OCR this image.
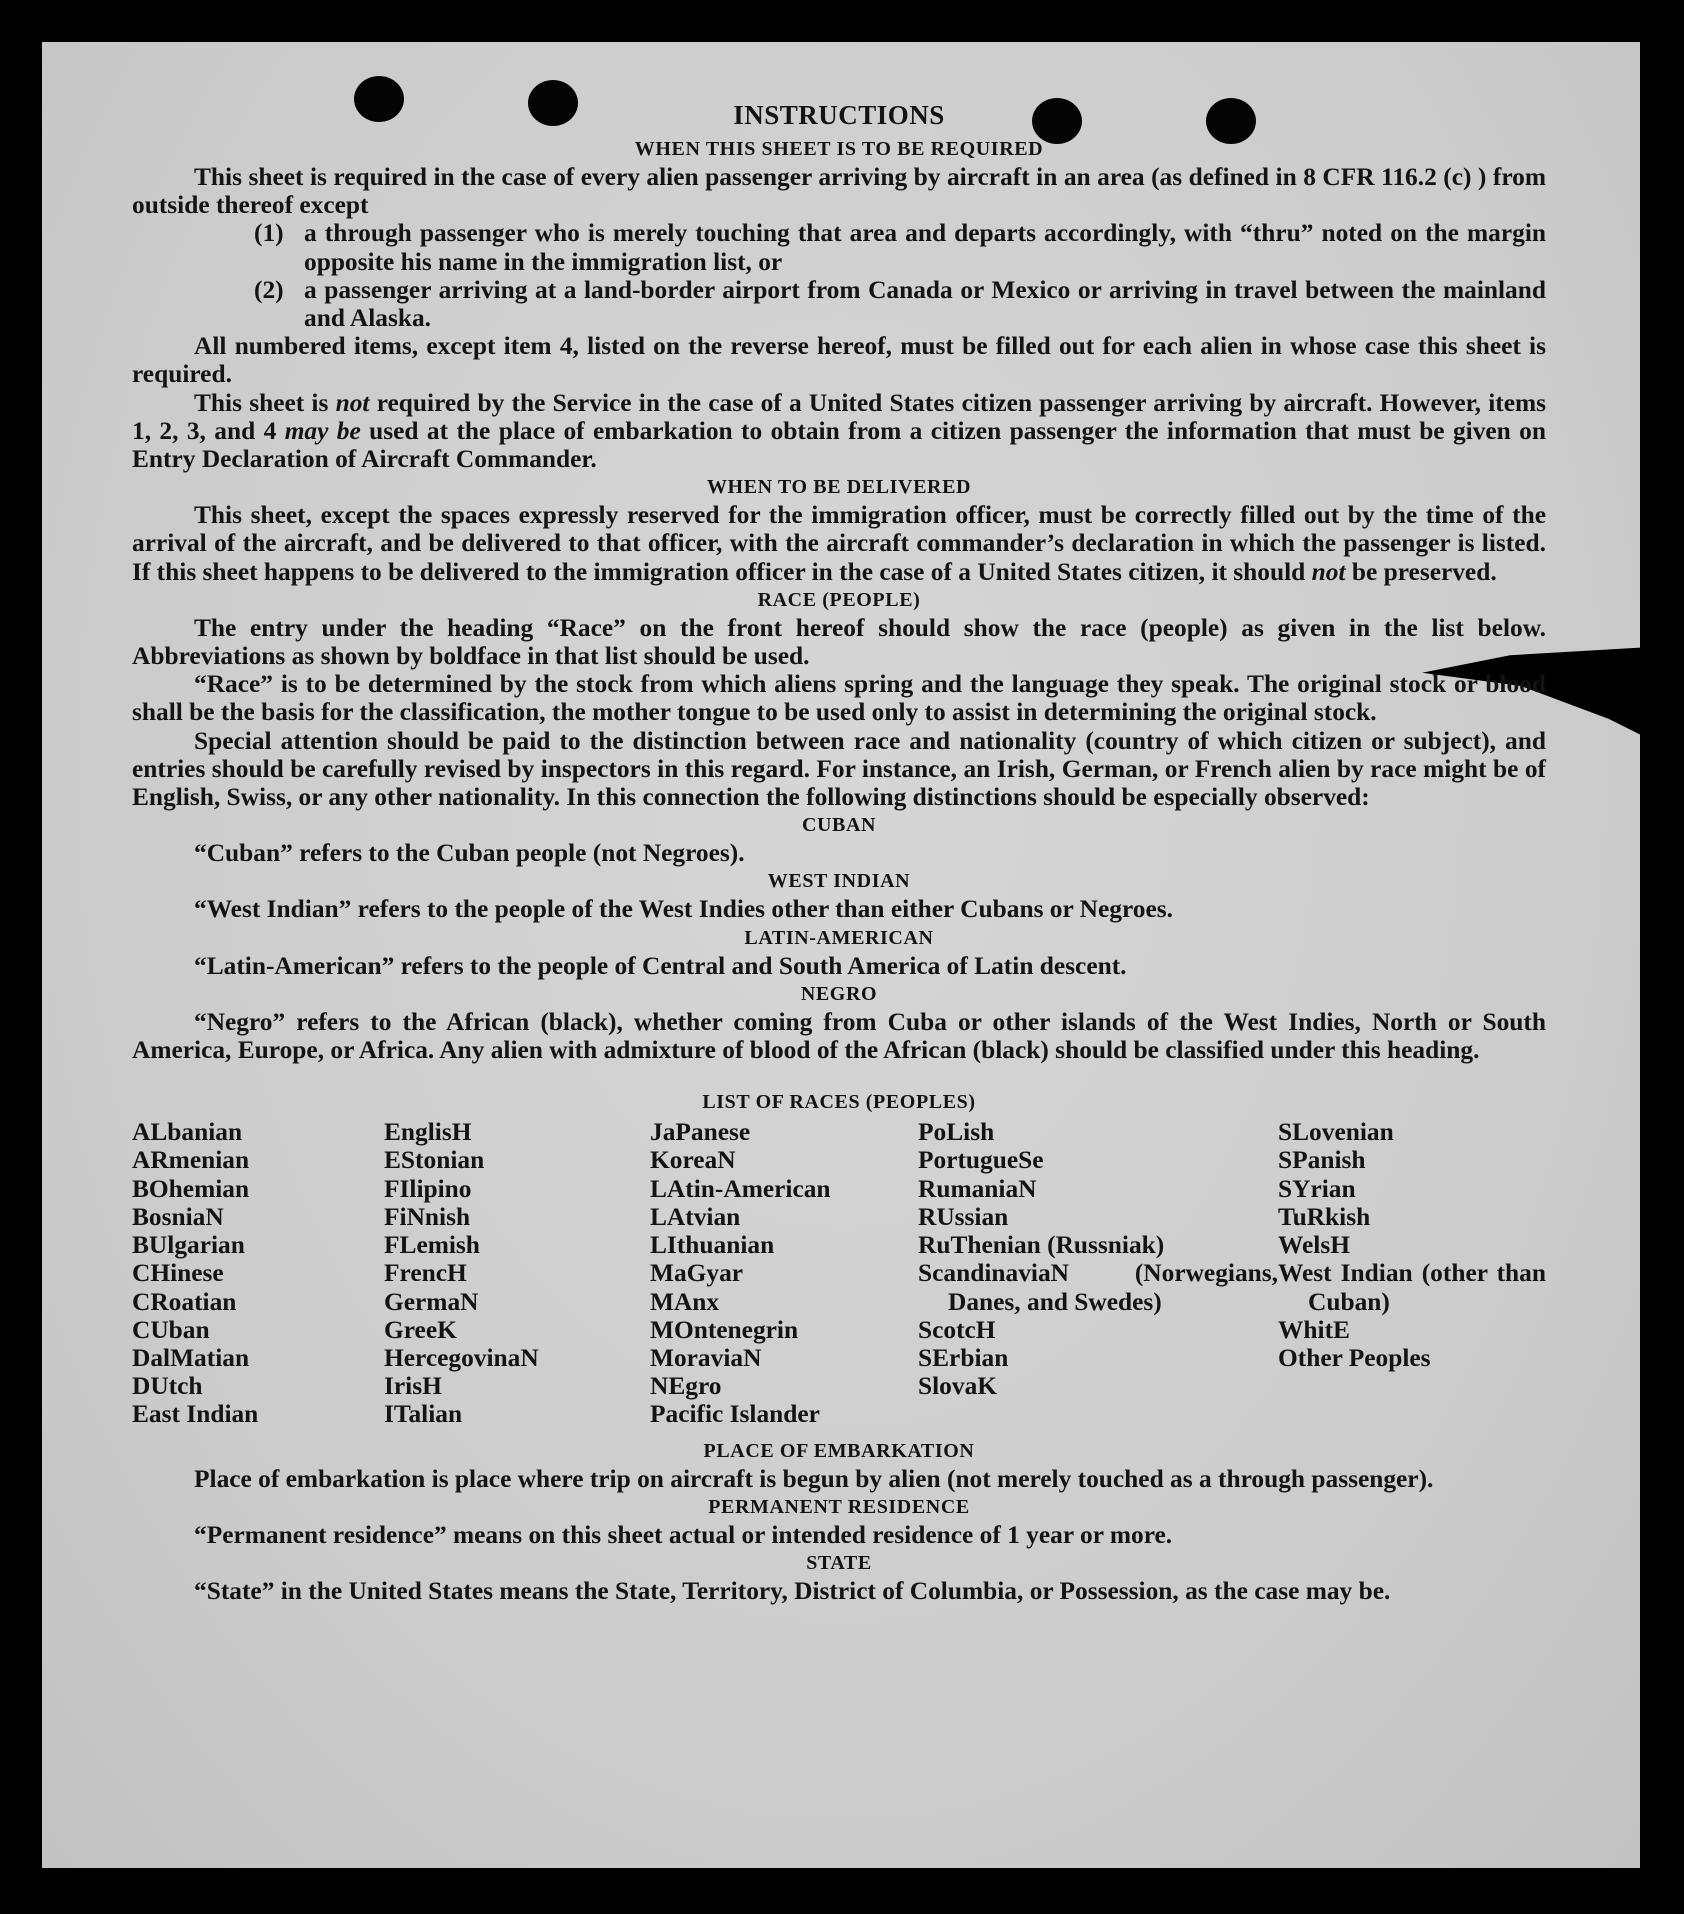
INSTRUCTIONS
WHEN THIS SHEET IS TO BE REQUIRED

This sheet is required in the case of every alien passenger arriving by aircraft in an area (as defined in 8 CFR 116.2 (c) ) from outside thereof except

(1) a through passenger who is merely touching that area and departs accordingly, with “thru” noted on the margin opposite his name in the immigration list, or
(2) a passenger arriving at a land-border airport from Canada or Mexico or arriving in travel between the mainland and Alaska.

All numbered items, except item 4, listed on the reverse hereof, must be filled out for each alien in whose case this sheet is required.

This sheet is not required by the Service in the case of a United States citizen passenger arriving by aircraft. However, items 1, 2, 3, and 4 may be used at the place of embarkation to obtain from a citizen passenger the information that must be given on Entry Declaration of Aircraft Commander.

WHEN TO BE DELIVERED

This sheet, except the spaces expressly reserved for the immigration officer, must be correctly filled out by the time of the arrival of the aircraft, and be delivered to that officer, with the aircraft commander’s declaration in which the passenger is listed. If this sheet happens to be delivered to the immigration officer in the case of a United States citizen, it should not be preserved.

RACE (PEOPLE)

The entry under the heading “Race” on the front hereof should show the race (people) as given in the list below. Abbreviations as shown by boldface in that list should be used.

“Race” is to be determined by the stock from which aliens spring and the language they speak. The original stock or blood shall be the basis for the classification, the mother tongue to be used only to assist in determining the original stock.

Special attention should be paid to the distinction between race and nationality (country of which citizen or subject), and entries should be carefully revised by inspectors in this regard. For instance, an Irish, German, or French alien by race might be of English, Swiss, or any other nationality. In this connection the following distinctions should be especially observed:

CUBAN

“Cuban” refers to the Cuban people (not Negroes).

WEST INDIAN

“West Indian” refers to the people of the West Indies other than either Cubans or Negroes.

LATIN-AMERICAN

“Latin-American” refers to the people of Central and South America of Latin descent.

NEGRO

“Negro” refers to the African (black), whether coming from Cuba or other islands of the West Indies, North or South America, Europe, or Africa. Any alien with admixture of blood of the African (black) should be classified under this heading.

LIST OF RACES (PEOPLES)
ALbanian
ARmenian
BOhemian
BosniaN
BUlgarian
CHinese
CRoatian
CUban
DalMatian
DUtch
East Indian
EnglisH
EStonian
FIlipino
FiNnish
FLemish
FrencH
GermaN
GreeK
HercegovinaN
IrisH
ITalian
JaPanese
KoreaN
LAtin-American
LAtvian
LIthuanian
MaGyar
MAnx
MOntenegrin
MoraviaN
NEgro
Pacific Islander
PoLish
PortugueSe
RumaniaN
RUssian
RuThenian (Russniak)
ScandinaviaN (Norwegians, Danes, and Swedes)
ScotcH
SErbian
SlovaK
SLovenian
SPanish
SYrian
TuRkish
WelsH
West Indian (other than Cuban)
WhitE
Other Peoples
PLACE OF EMBARKATION

Place of embarkation is place where trip on aircraft is begun by alien (not merely touched as a through passenger).

PERMANENT RESIDENCE

“Permanent residence” means on this sheet actual or intended residence of 1 year or more.

STATE

“State” in the United States means the State, Territory, District of Columbia, or Possession, as the case may be.
